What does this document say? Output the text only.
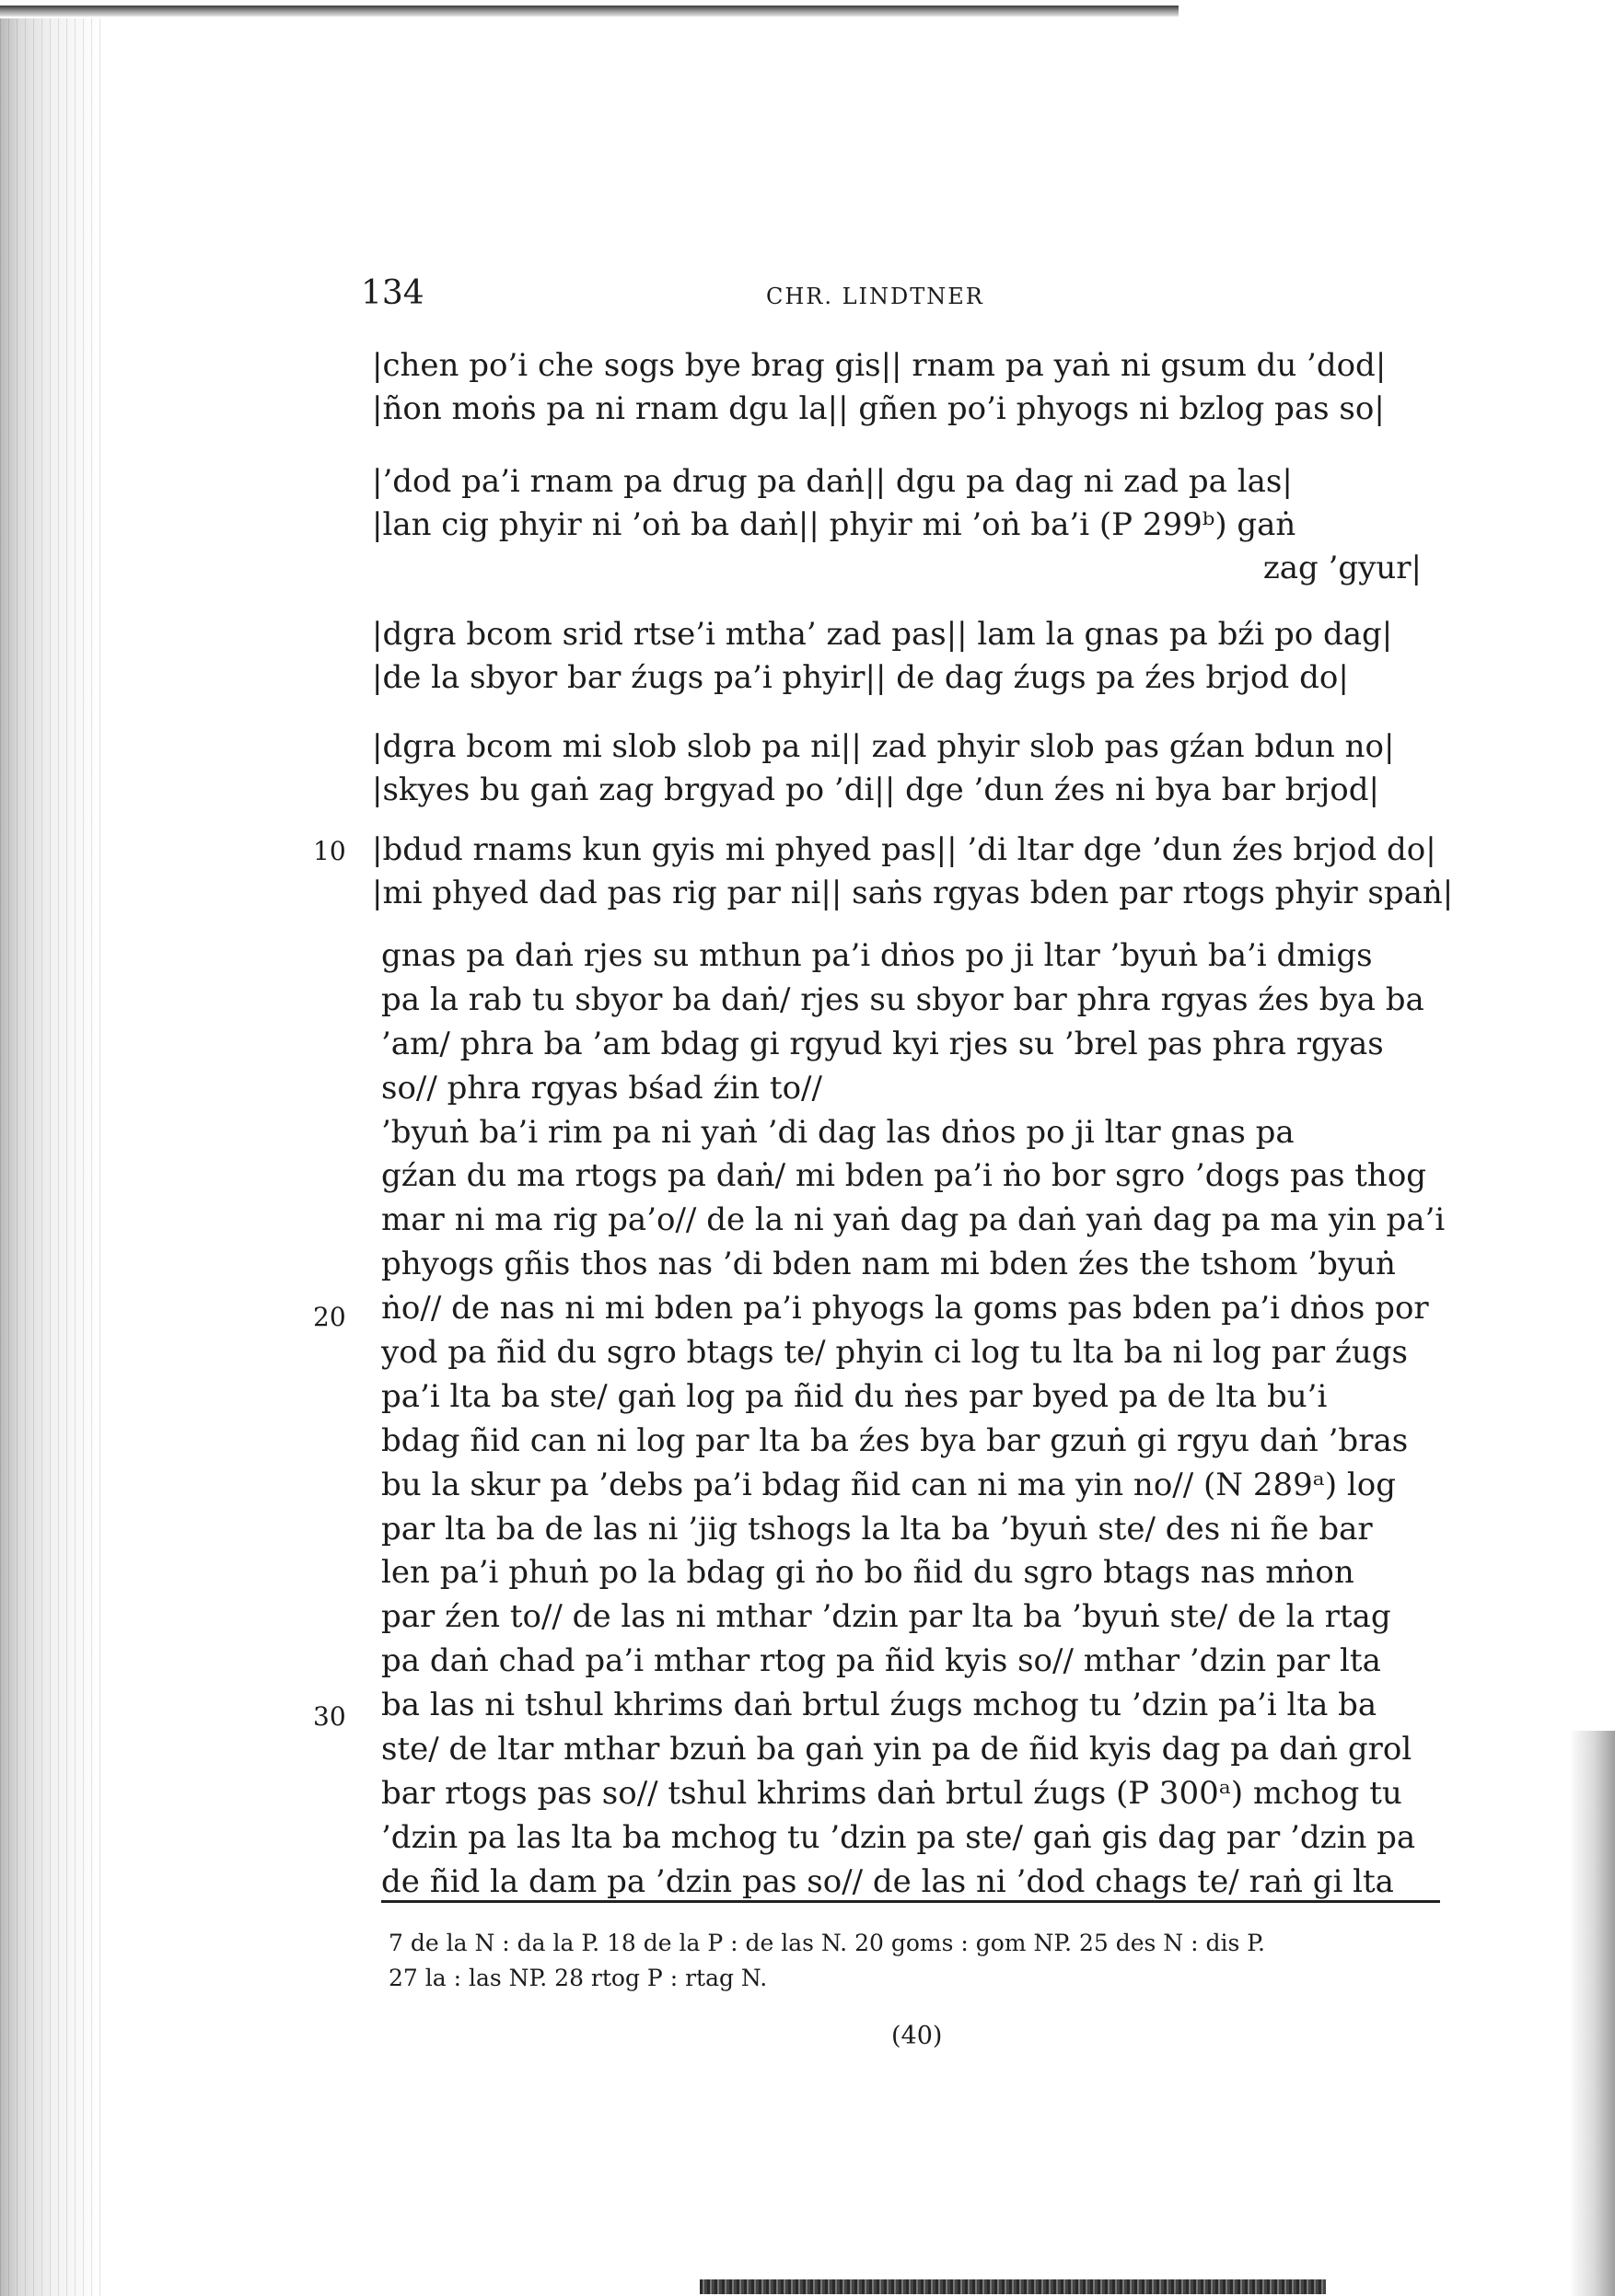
134	CHR. LINDTNER
|chen po’i che sogs bye brag gis|| rnam pa yaṅ ni gsum du ’dod|
|ñon moṅs pa ni rnam dgu la|| gñen po’i phyogs ni bzlog pas so|
|’dod pa’i rnam pa drug pa daṅ|| dgu pa dag ni zad pa las|
|lan cig phyir ni ’oṅ ba daṅ|| phyir mi ’oṅ ba’i (P 299ᵇ) gaṅ
zag ’gyur|
|dgra bcom srid rtse’i mtha’ zad pas|| lam la gnas pa bźi po dag|
|de la sbyor bar źugs pa’i phyir|| de dag źugs pa źes brjod do|
|dgra bcom mi slob slob pa ni|| zad phyir slob pas gźan bdun no|
|skyes bu gaṅ zag brgyad po ’di|| dge ’dun źes ni bya bar brjod|
|bdud rnams kun gyis mi phyed pas|| ’di ltar dge ’dun źes brjod do|
|mi phyed dad pas rig par ni|| saṅs rgyas bden par rtogs phyir spaṅ|
10
20
30
gnas pa daṅ rjes su mthun pa’i dṅos po ji ltar ’byuṅ ba’i dmigs
pa la rab tu sbyor ba daṅ/ rjes su sbyor bar phra rgyas źes bya ba
’am/ phra ba ’am bdag gi rgyud kyi rjes su ’brel pas phra rgyas
so// phra rgyas bśad źin to//
’byuṅ ba’i rim pa ni yaṅ ’di dag las dṅos po ji ltar gnas pa
gźan du ma rtogs pa daṅ/ mi bden pa’i ṅo bor sgro ’dogs pas thog
mar ni ma rig pa’o// de la ni yaṅ dag pa daṅ yaṅ dag pa ma yin pa’i
phyogs gñis thos nas ’di bden nam mi bden źes the tshom ’byuṅ
ṅo// de nas ni mi bden pa’i phyogs la goms pas bden pa’i dṅos por
yod pa ñid du sgro btags te/ phyin ci log tu lta ba ni log par źugs
pa’i lta ba ste/ gaṅ log pa ñid du ṅes par byed pa de lta bu’i
bdag ñid can ni log par lta ba źes bya bar gzuṅ gi rgyu daṅ ’bras
bu la skur pa ’debs pa’i bdag ñid can ni ma yin no// (N 289ᵃ) log
par lta ba de las ni ’jig tshogs la lta ba ’byuṅ ste/ des ni ñe bar
len pa’i phuṅ po la bdag gi ṅo bo ñid du sgro btags nas mṅon
par źen to// de las ni mthar ’dzin par lta ba ’byuṅ ste/ de la rtag
pa daṅ chad pa’i mthar rtog pa ñid kyis so// mthar ’dzin par lta
ba las ni tshul khrims daṅ brtul źugs mchog tu ’dzin pa’i lta ba
ste/ de ltar mthar bzuṅ ba gaṅ yin pa de ñid kyis dag pa daṅ grol
bar rtogs pas so// tshul khrims daṅ brtul źugs (P 300ᵃ) mchog tu
’dzin pa las lta ba mchog tu ’dzin pa ste/ gaṅ gis dag par ’dzin pa
de ñid la dam pa ’dzin pas so// de las ni ’dod chags te/ raṅ gi lta
7 de la N : da la P. 18 de la P : de las N. 20 goms : gom NP. 25 des N : dis P.
27 la : las NP. 28 rtog P : rtag N.
(40)
